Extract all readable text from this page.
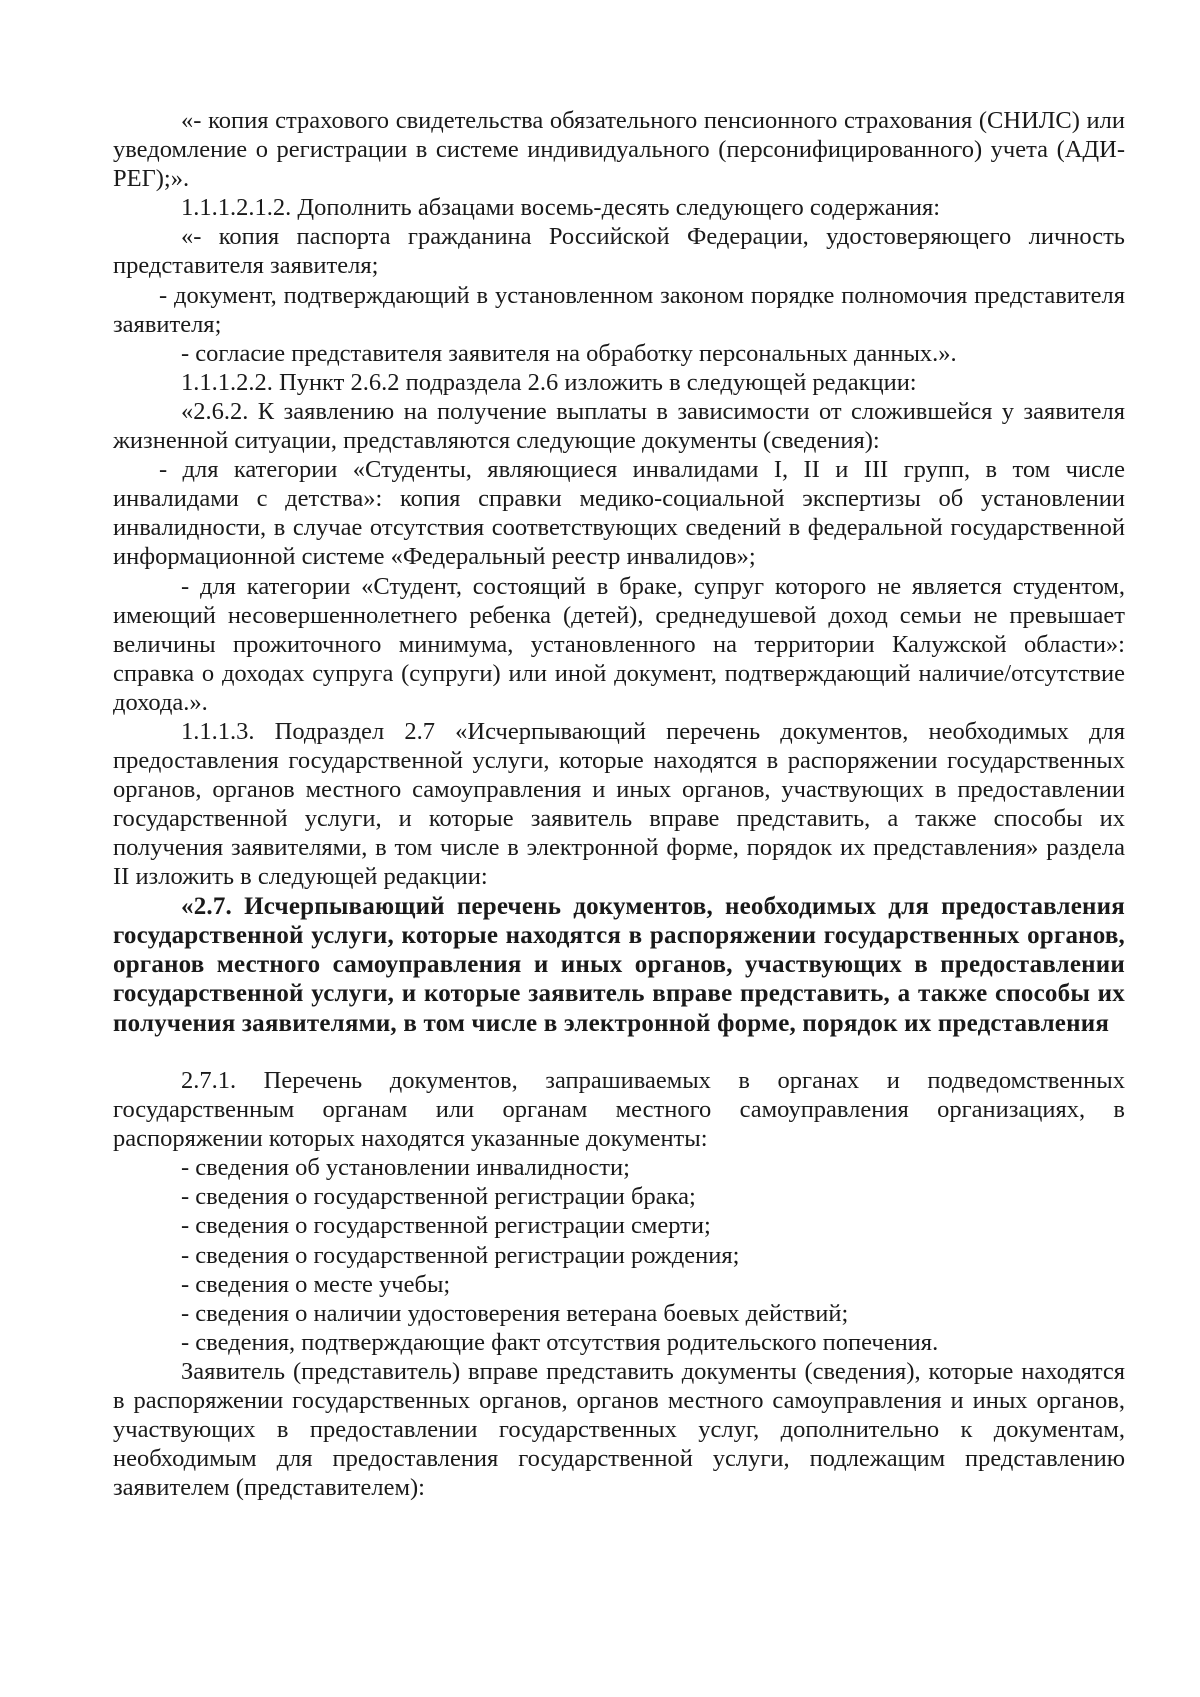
«- копия страхового свидетельства обязательного пенсионного страхования (СНИЛС) или уведомление о регистрации в системе индивидуального (персонифицированного) учета (АДИ-РЕГ);».

1.1.1.2.1.2. Дополнить абзацами восемь-десять следующего содержания:

«- копия паспорта гражданина Российской Федерации, удостоверяющего личность представителя заявителя;

- документ, подтверждающий в установленном законом порядке полномочия представителя заявителя;

- согласие представителя заявителя на обработку персональных данных.».

1.1.1.2.2. Пункт 2.6.2 подраздела 2.6 изложить в следующей редакции:

«2.6.2. К заявлению на получение выплаты в зависимости от сложившейся у заявителя жизненной ситуации, представляются следующие документы (сведения):

- для категории «Студенты, являющиеся инвалидами I, II и III групп, в том числе инвалидами с детства»: копия справки медико-социальной экспертизы об установлении инвалидности, в случае отсутствия соответствующих сведений в федеральной государственной информационной системе «Федеральный реестр инвалидов»;

- для категории «Студент, состоящий в браке, супруг которого не является студентом, имеющий несовершеннолетнего ребенка (детей), среднедушевой доход семьи не превышает величины прожиточного минимума, установленного на территории Калужской области»: справка о доходах супруга (супруги) или иной документ, подтверждающий наличие/отсутствие дохода.».

1.1.1.3. Подраздел 2.7 «Исчерпывающий перечень документов, необходимых для предоставления государственной услуги, которые находятся в распоряжении государственных органов, органов местного самоуправления и иных органов, участвующих в предоставлении государственной услуги, и которые заявитель вправе представить, а также способы их получения заявителями, в том числе в электронной форме, порядок их представления» раздела II изложить в следующей редакции:

«2.7. Исчерпывающий перечень документов, необходимых для предоставления государственной услуги, которые находятся в распоряжении государственных органов, органов местного самоуправления и иных органов, участвующих в предоставлении государственной услуги, и которые заявитель вправе представить, а также способы их получения заявителями, в том числе в электронной форме, порядок их представления

2.7.1. Перечень документов, запрашиваемых в органах и подведомственных государственным органам или органам местного самоуправления организациях, в распоряжении которых находятся указанные документы:

- сведения об установлении инвалидности;

- сведения о государственной регистрации брака;

- сведения о государственной регистрации смерти;

- сведения о государственной регистрации рождения;

- сведения о месте учебы;

- сведения о наличии удостоверения ветерана боевых действий;

- сведения, подтверждающие факт отсутствия родительского попечения.

Заявитель (представитель) вправе представить документы (сведения), которые находятся в распоряжении государственных органов, органов местного самоуправления и иных органов, участвующих в предоставлении государственных услуг, дополнительно к документам, необходимым для предоставления государственной услуги, подлежащим представлению заявителем (представителем):
